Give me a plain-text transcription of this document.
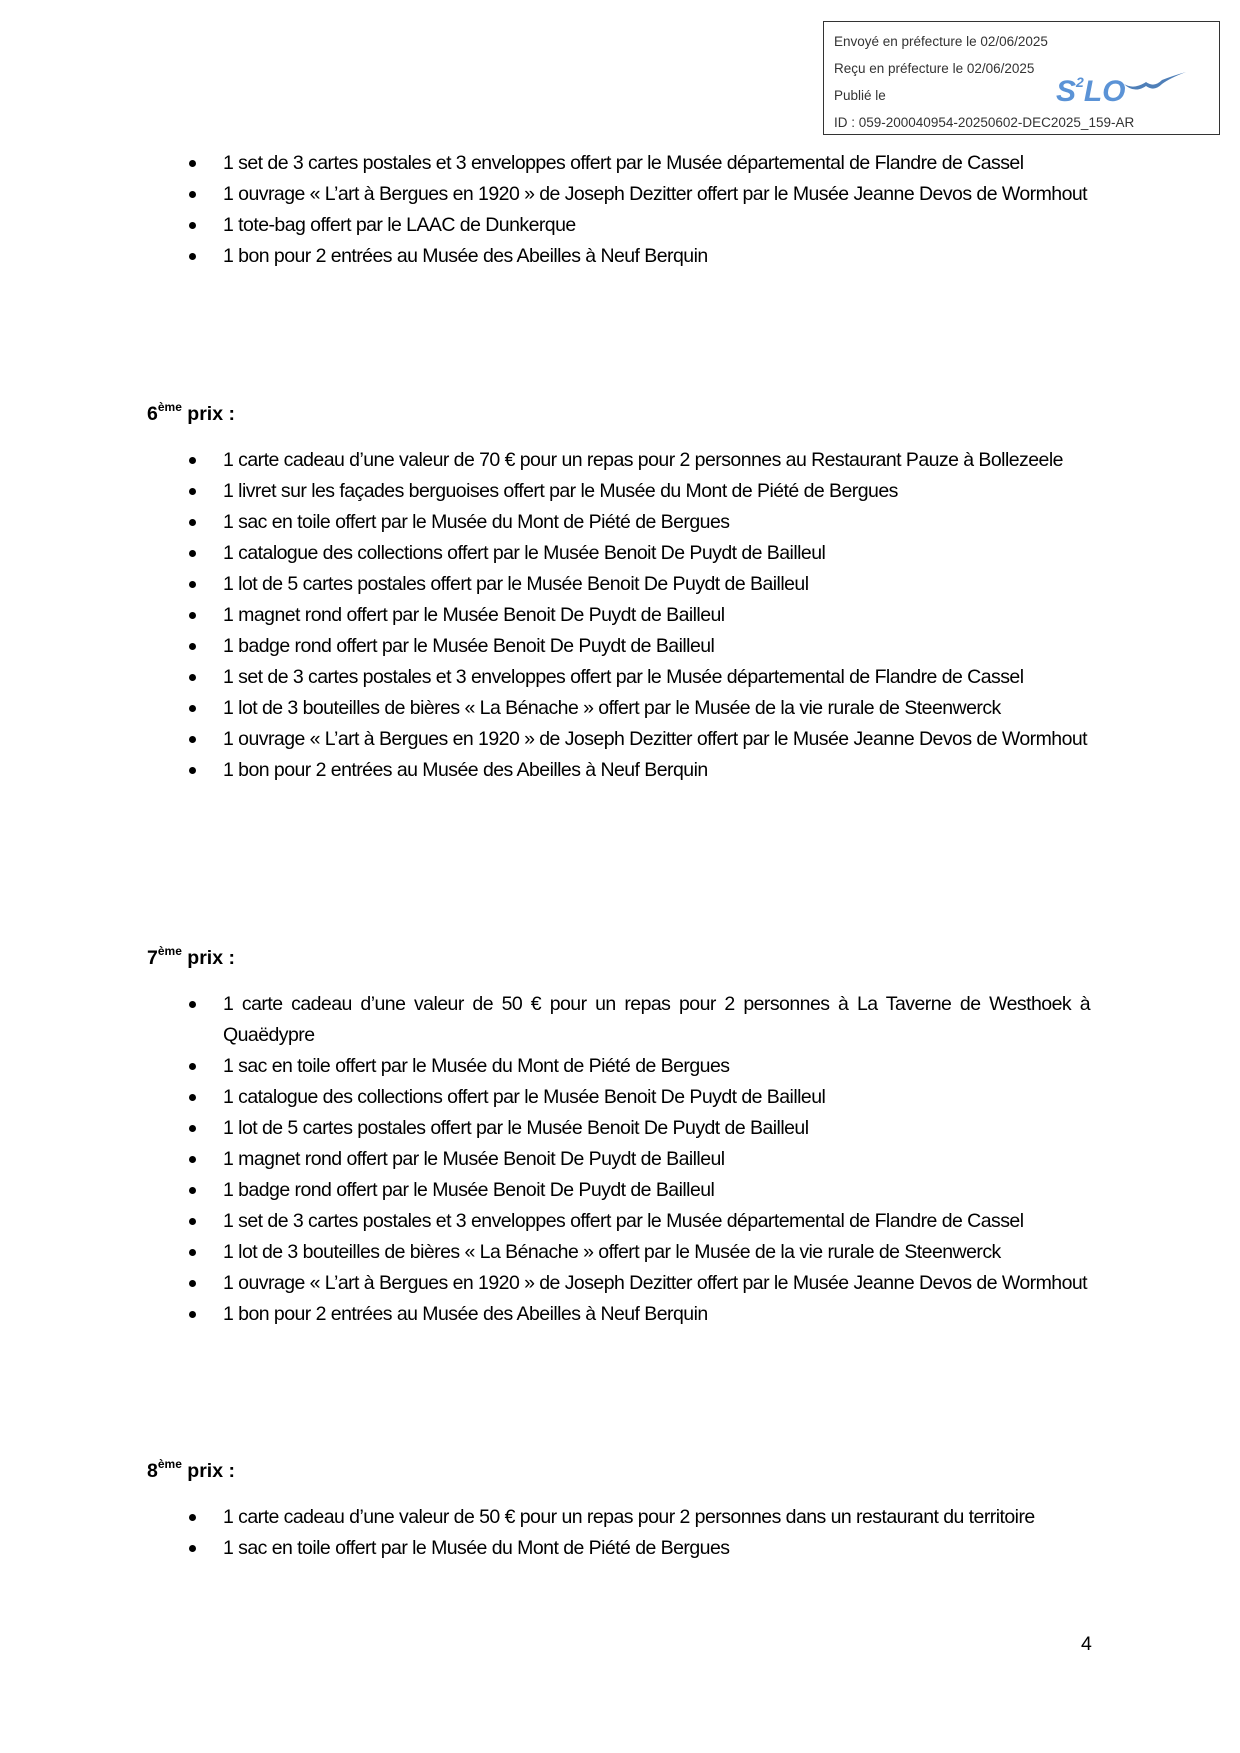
Envoyé en préfecture le 02/06/2025
Reçu en préfecture le 02/06/2025
Publié le
ID : 059-200040954-20250602-DEC2025_159-AR
$S^2LO$
1 set de 3 cartes postales et 3 enveloppes offert par le Musée départemental de Flandre de Cassel
1 ouvrage « L’art à Bergues en 1920 » de Joseph Dezitter offert par le Musée Jeanne Devos de Wormhout
1 tote-bag offert par le LAAC de Dunkerque
1 bon pour 2 entrées au Musée des Abeilles à Neuf Berquin
6ème prix :
1 carte cadeau d’une valeur de 70 € pour un repas pour 2 personnes au Restaurant Pauze à Bollezeele
1 livret sur les façades berguoises offert par le Musée du Mont de Piété de Bergues
1 sac en toile offert par le Musée du Mont de Piété de Bergues
1 catalogue des collections offert par le Musée Benoit De Puydt de Bailleul
1 lot de 5 cartes postales offert par le Musée Benoit De Puydt de Bailleul
1 magnet rond offert par le Musée Benoit De Puydt de Bailleul
1 badge rond offert par le Musée Benoit De Puydt de Bailleul
1 set de 3 cartes postales et 3 enveloppes offert par le Musée départemental de Flandre de Cassel
1 lot de 3 bouteilles de bières « La Bénache » offert par le Musée de la vie rurale de Steenwerck
1 ouvrage « L’art à Bergues en 1920 » de Joseph Dezitter offert par le Musée Jeanne Devos de Wormhout
1 bon pour 2 entrées au Musée des Abeilles à Neuf Berquin
7ème prix :
1 carte cadeau d’une valeur de 50 € pour un repas pour 2 personnes à La Taverne de Westhoek à Quaëdypre
1 sac en toile offert par le Musée du Mont de Piété de Bergues
1 catalogue des collections offert par le Musée Benoit De Puydt de Bailleul
1 lot de 5 cartes postales offert par le Musée Benoit De Puydt de Bailleul
1 magnet rond offert par le Musée Benoit De Puydt de Bailleul
1 badge rond offert par le Musée Benoit De Puydt de Bailleul
1 set de 3 cartes postales et 3 enveloppes offert par le Musée départemental de Flandre de Cassel
1 lot de 3 bouteilles de bières « La Bénache » offert par le Musée de la vie rurale de Steenwerck
1 ouvrage « L’art à Bergues en 1920 » de Joseph Dezitter offert par le Musée Jeanne Devos de Wormhout
1 bon pour 2 entrées au Musée des Abeilles à Neuf Berquin
8ème prix :
1 carte cadeau d’une valeur de 50 € pour un repas pour 2 personnes dans un restaurant du territoire
1 sac en toile offert par le Musée du Mont de Piété de Bergues
4
